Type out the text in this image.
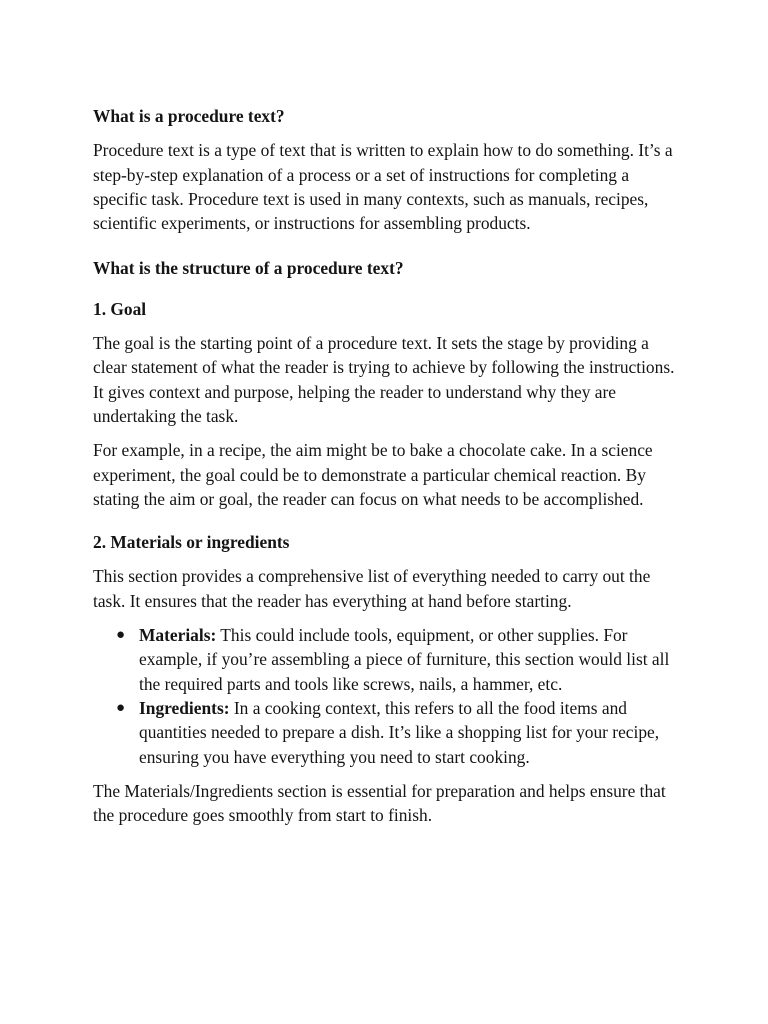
What is a procedure text?

Procedure text is a type of text that is written to explain how to do something. It’s a step-by-step explanation of a process or a set of instructions for completing a specific task. Procedure text is used in many contexts, such as manuals, recipes, scientific experiments, or instructions for assembling products.

What is the structure of a procedure text?
1. Goal

The goal is the starting point of a procedure text. It sets the stage by providing a clear statement of what the reader is trying to achieve by following the instructions. It gives context and purpose, helping the reader to understand why they are undertaking the task.

For example, in a recipe, the aim might be to bake a chocolate cake. In a science experiment, the goal could be to demonstrate a particular chemical reaction. By stating the aim or goal, the reader can focus on what needs to be accomplished.

2. Materials or ingredients

This section provides a comprehensive list of everything needed to carry out the task. It ensures that the reader has everything at hand before starting.

● Materials: This could include tools, equipment, or other supplies. For example, if you’re assembling a piece of furniture, this section would list all the required parts and tools like screws, nails, a hammer, etc.
● Ingredients: In a cooking context, this refers to all the food items and quantities needed to prepare a dish. It’s like a shopping list for your recipe, ensuring you have everything you need to start cooking.

The Materials/Ingredients section is essential for preparation and helps ensure that the procedure goes smoothly from start to finish.
